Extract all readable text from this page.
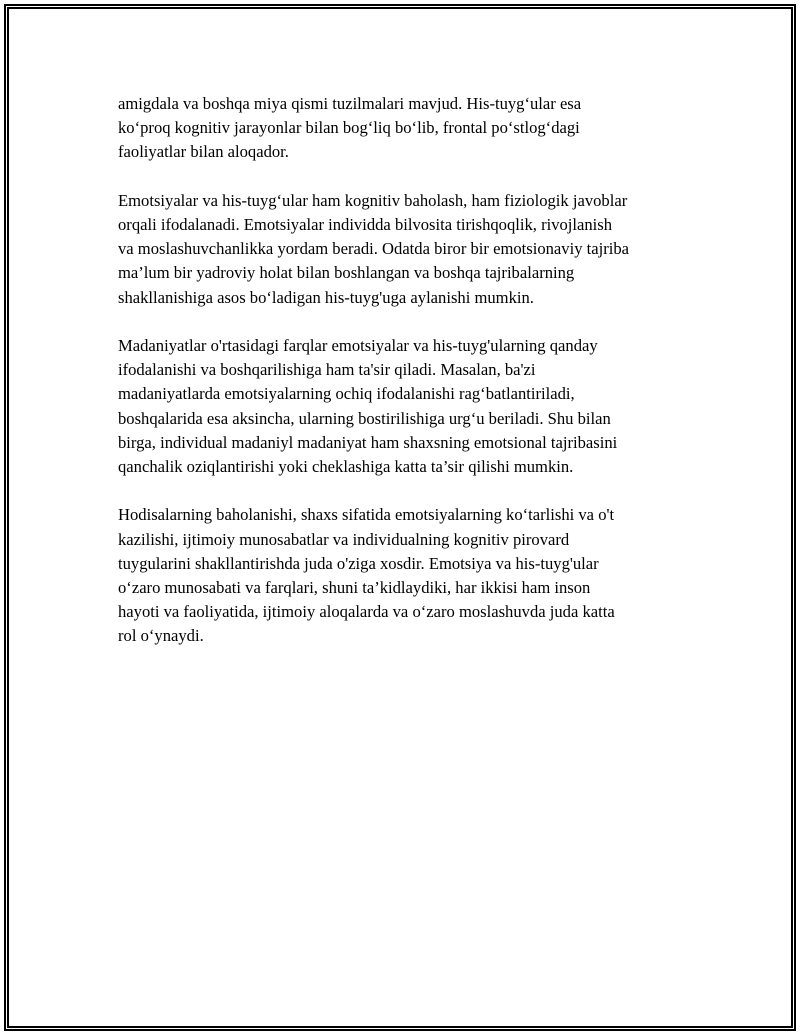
amigdala va boshqa miya qismi tuzilmalari mavjud. His-tuyg‘ular esa
ko‘proq kognitiv jarayonlar bilan bog‘liq bo‘lib, frontal po‘stlog‘dagi
faoliyatlar bilan aloqador.

Emotsiyalar va his-tuyg‘ular ham kognitiv baholash, ham fiziologik javoblar
orqali ifodalanadi. Emotsiyalar individda bilvosita tirishqoqlik, rivojlanish
va moslashuvchanlikka yordam beradi. Odatda biror bir emotsionaviy tajriba
ma’lum bir yadroviy holat bilan boshlangan va boshqa tajribalarning
shakllanishiga asos bo‘ladigan his-tuyg'uga aylanishi mumkin.

Madaniyatlar o'rtasidagi farqlar emotsiyalar va his-tuyg'ularning qanday
ifodalanishi va boshqarilishiga ham ta'sir qiladi. Masalan, ba'zi
madaniyatlarda emotsiyalarning ochiq ifodalanishi rag‘batlantiriladi,
boshqalarida esa aksincha, ularning bostirilishiga urg‘u beriladi. Shu bilan
birga, individual madaniyl madaniyat ham shaxsning emotsional tajribasini
qanchalik oziqlantirishi yoki cheklashiga katta ta’sir qilishi mumkin.

Hodisalarning baholanishi, shaxs sifatida emotsiyalarning ko‘tarlishi va o't
kazilishi, ijtimoiy munosabatlar va individualning kognitiv pirovard
tuygularini shakllantirishda juda o'ziga xosdir. Emotsiya va his-tuyg'ular
o‘zaro munosabati va farqlari, shuni ta’kidlaydiki, har ikkisi ham inson
hayoti va faoliyatida, ijtimoiy aloqalarda va o‘zaro moslashuvda juda katta
rol o‘ynaydi.
